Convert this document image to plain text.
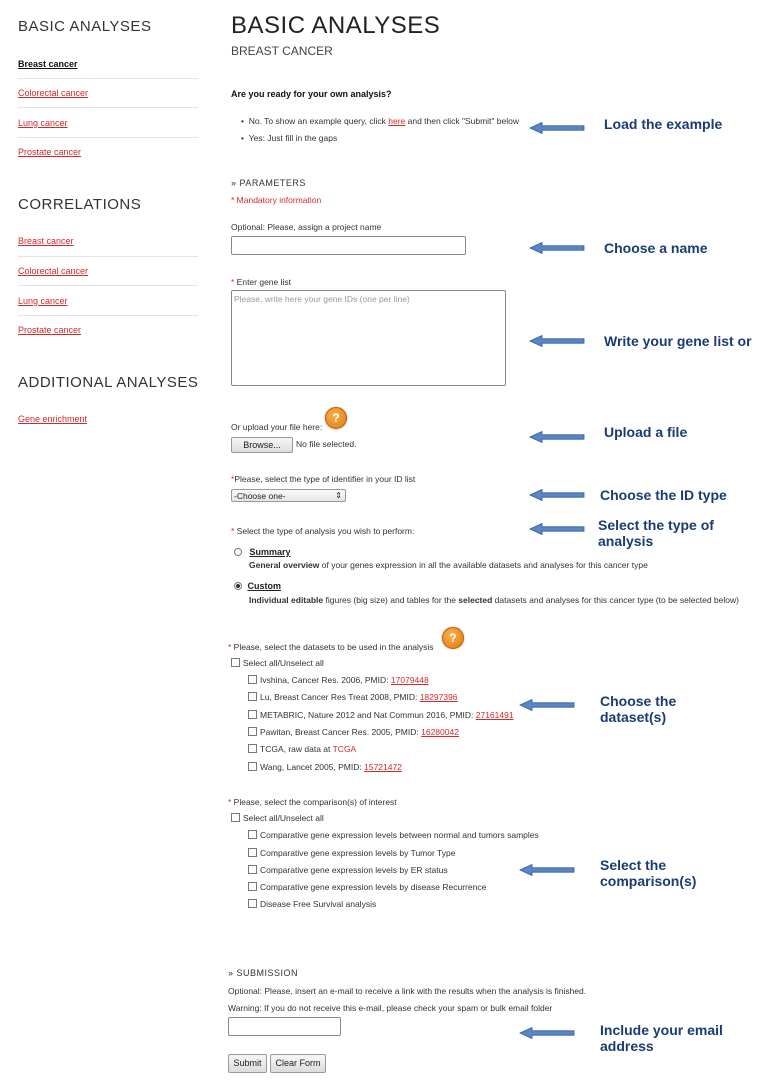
BASIC ANALYSES
Breast cancer
Colorectal cancer
Lung cancer
Prostate cancer
CORRELATIONS
Breast cancer
Colorectal cancer
Lung cancer
Prostate cancer
ADDITIONAL ANALYSES
Gene enrichment
BASIC ANALYSES
BREAST CANCER
Are you ready for your own analysis?
•  No. To show an example query, click here and then click "Submit" below
•  Yes: Just fill in the gaps
» PARAMETERS
* Mandatory information
Optional: Please, assign a project name
* Enter gene list
Please, write here your gene IDs (one per line)
Or upload your file here:
?
Browse...	No file selected.
*Please, select the type of identifier in your ID list
-Choose one-	⇕
* Select the type of analysis you wish to perform:
Summary
General overview of your genes expression in all the available datasets and analyses for this cancer type
Custom
Individual editable figures (big size) and tables for the selected datasets and analyses for this cancer type (to be selected below)
* Please, select the datasets to be used in the analysis
?
Select all/Unselect all
Ivshina, Cancer Res. 2006, PMID: 17079448
Lu, Breast Cancer Res Treat 2008, PMID: 18297396
METABRIC, Nature 2012 and Nat Commun 2016, PMID: 27161491
Pawitan, Breast Cancer Res. 2005, PMID: 16280042
TCGA, raw data at TCGA
Wang, Lancet 2005, PMID: 15721472
* Please, select the comparison(s) of interest
Select all/Unselect all
Comparative gene expression levels between normal and tumors samples
Comparative gene expression levels by Tumor Type
Comparative gene expression levels by ER status
Comparative gene expression levels by disease Recurrence
Disease Free Survival analysis
» SUBMISSION
Optional: Please, insert an e-mail to receive a link with the results when the analysis is finished.
Warning: If you do not receive this e-mail, please check your spam or bulk email folder
Submit	Clear Form
Load the example
Choose a name
Write your gene list or
Upload a file
Choose the ID type
Select the type of analysis
Choose the dataset(s)
Select the comparison(s)
Include your email address
